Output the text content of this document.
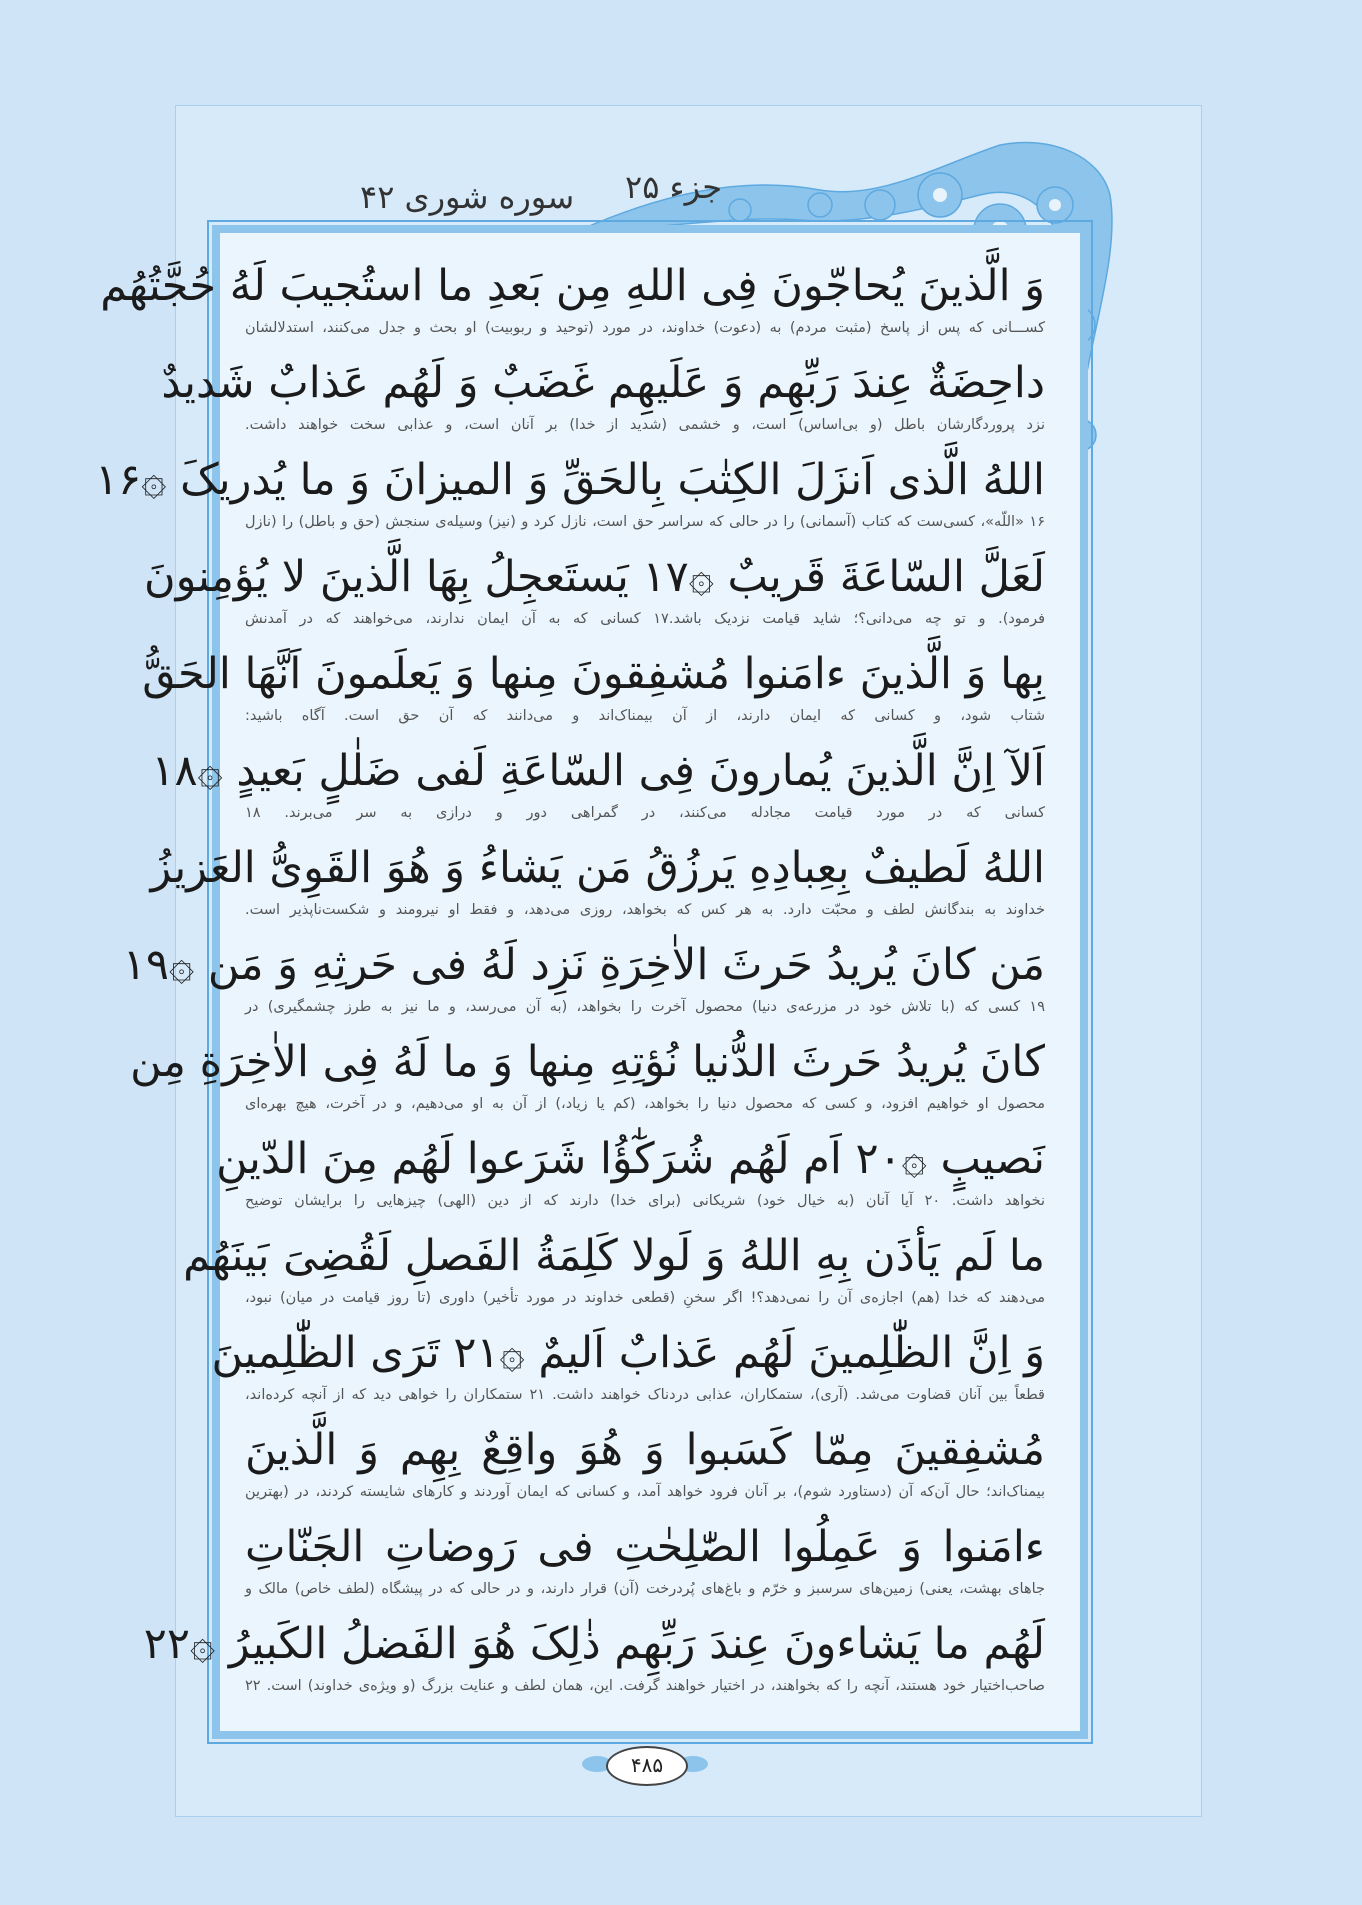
جزء ۲۵
سوره شوری ۴۲
وَ الَّذینَ یُحاجّونَ فِی اللهِ مِن بَعدِ ما استُجیبَ لَهُ حُجَّتُهُم
کســـانی که پس از پاسخ (مثبت مردم) به (دعوت) خداوند، در مورد (توحید و ربوبیت) او بحث و جدل می‌کنند، استدلالشان
داحِضَةٌ عِندَ رَبِّهِم وَ عَلَیهِم غَضَبٌ وَ لَهُم عَذابٌ شَدیدٌ
نزد پروردگارشان باطل (و بی‌اساس) است، و خشمی (شدید از خدا) بر آنان است، و عذابی سخت خواهند داشت.
اللهُ الَّذی اَنزَلَ الکِتٰبَ بِالحَقِّ وَ المیزانَ وَ ما یُدریکَ ۞۱۶
۱۶ «اللّه»، کسی‌ست که کتاب (آسمانی) را در حالی که سراسر حق است، نازل کرد و (نیز) وسیله‌ی سنجش (حق و باطل) را (نازل
لَعَلَّ السّاعَةَ قَریبٌ ۞۱۷ یَستَعجِلُ بِهَا الَّذینَ لا یُؤمِنونَ
فرمود). و تو چه می‌دانی؟؛ شاید قیامت نزدیک باشد.۱۷ کسانی که به آن ایمان ندارند، می‌خواهند که در آمدنش
بِها وَ الَّذینَ ءامَنوا مُشفِقونَ مِنها وَ یَعلَمونَ اَنَّهَا الحَقُّ
شتاب شود، و کسانی که ایمان دارند، از آن بیمناک‌اند و می‌دانند که آن حق است. آگاه باشید:
اَلآ اِنَّ الَّذینَ یُمارونَ فِی السّاعَةِ لَفی ضَلٰلٍ بَعیدٍ ۞۱۸
کسانی که در مورد قیامت مجادله می‌کنند، در گمراهی دور و درازی به سر می‌برند. ۱۸
اللهُ لَطیفٌ بِعِبادِهِ یَرزُقُ مَن یَشاءُ وَ هُوَ القَوِیُّ العَزیزُ
خداوند به بندگانش لطف و محبّت دارد. به هر کس که بخواهد، روزی می‌دهد، و فقط او نیرومند و شکست‌ناپذیر است.
مَن کانَ یُریدُ حَرثَ الاٰخِرَةِ نَزِد لَهُ فی حَرثِهِ وَ مَن ۞۱۹
۱۹ کسی که (با تلاش خود در مزرعه‌ی دنیا) محصول آخرت را بخواهد، (به آن می‌رسد، و ما نیز به طرز چشمگیری) در
کانَ یُریدُ حَرثَ الدُّنیا نُؤتِهِ مِنها وَ ما لَهُ فِی الاٰخِرَةِ مِن
محصول او خواهیم افزود، و کسی که محصول دنیا را بخواهد، (کم یا زیاد،) از آن به او می‌دهیم، و در آخرت، هیچ بهره‌ای
نَصیبٍ ۞۲۰ اَم لَهُم شُرَکٰٓؤُا شَرَعوا لَهُم مِنَ الدّینِ
نخواهد داشت. ۲۰ آیا آنان (به خیال خود) شریکانی (برای خدا) دارند که از دین (الهی) چیزهایی را برایشان توضیح
ما لَم یَأذَن بِهِ اللهُ وَ لَولا کَلِمَةُ الفَصلِ لَقُضِیَ بَینَهُم
می‌دهند که خدا (هم) اجازه‌ی آن را نمی‌دهد؟! اگر سخنِ (قطعی خداوند در مورد تأخیر) داوری (تا روز قیامت در میان) نبود،
وَ اِنَّ الظّٰلِمینَ لَهُم عَذابٌ اَلیمٌ ۞۲۱ تَرَی الظّٰلِمینَ
قطعاً بین آنان قضاوت می‌شد. (آری)، ستمکاران، عذابی دردناک خواهند داشت. ۲۱ ستمکاران را خواهی دید که از آنچه کرده‌اند،
مُشفِقینَ مِمّا کَسَبوا وَ هُوَ واقِعٌ بِهِم وَ الَّذینَ
بیمناک‌اند؛ حال آن‌که آن (دستاورد شوم)، بر آنان فرود خواهد آمد، و کسانی که ایمان آوردند و کارهای شایسته کردند، در (بهترین
ءامَنوا وَ عَمِلُوا الصّٰلِحٰتِ فی رَوضاتِ الجَنّاتِ
جاهای بهشت، یعنی) زمین‌های سرسبز و خرّم و باغ‌های پُردرخت (آن) قرار دارند، و در حالی که در پیشگاه (لطف خاص) مالک و
لَهُم ما یَشاءونَ عِندَ رَبِّهِم ذٰلِکَ هُوَ الفَضلُ الکَبیرُ ۞۲۲
صاحب‌اختیار خود هستند، آنچه را که بخواهند، در اختیار خواهند گرفت. این، همان لطف و عنایت بزرگ (و ویژه‌ی خداوند) است. ۲۲
۴۸۵
